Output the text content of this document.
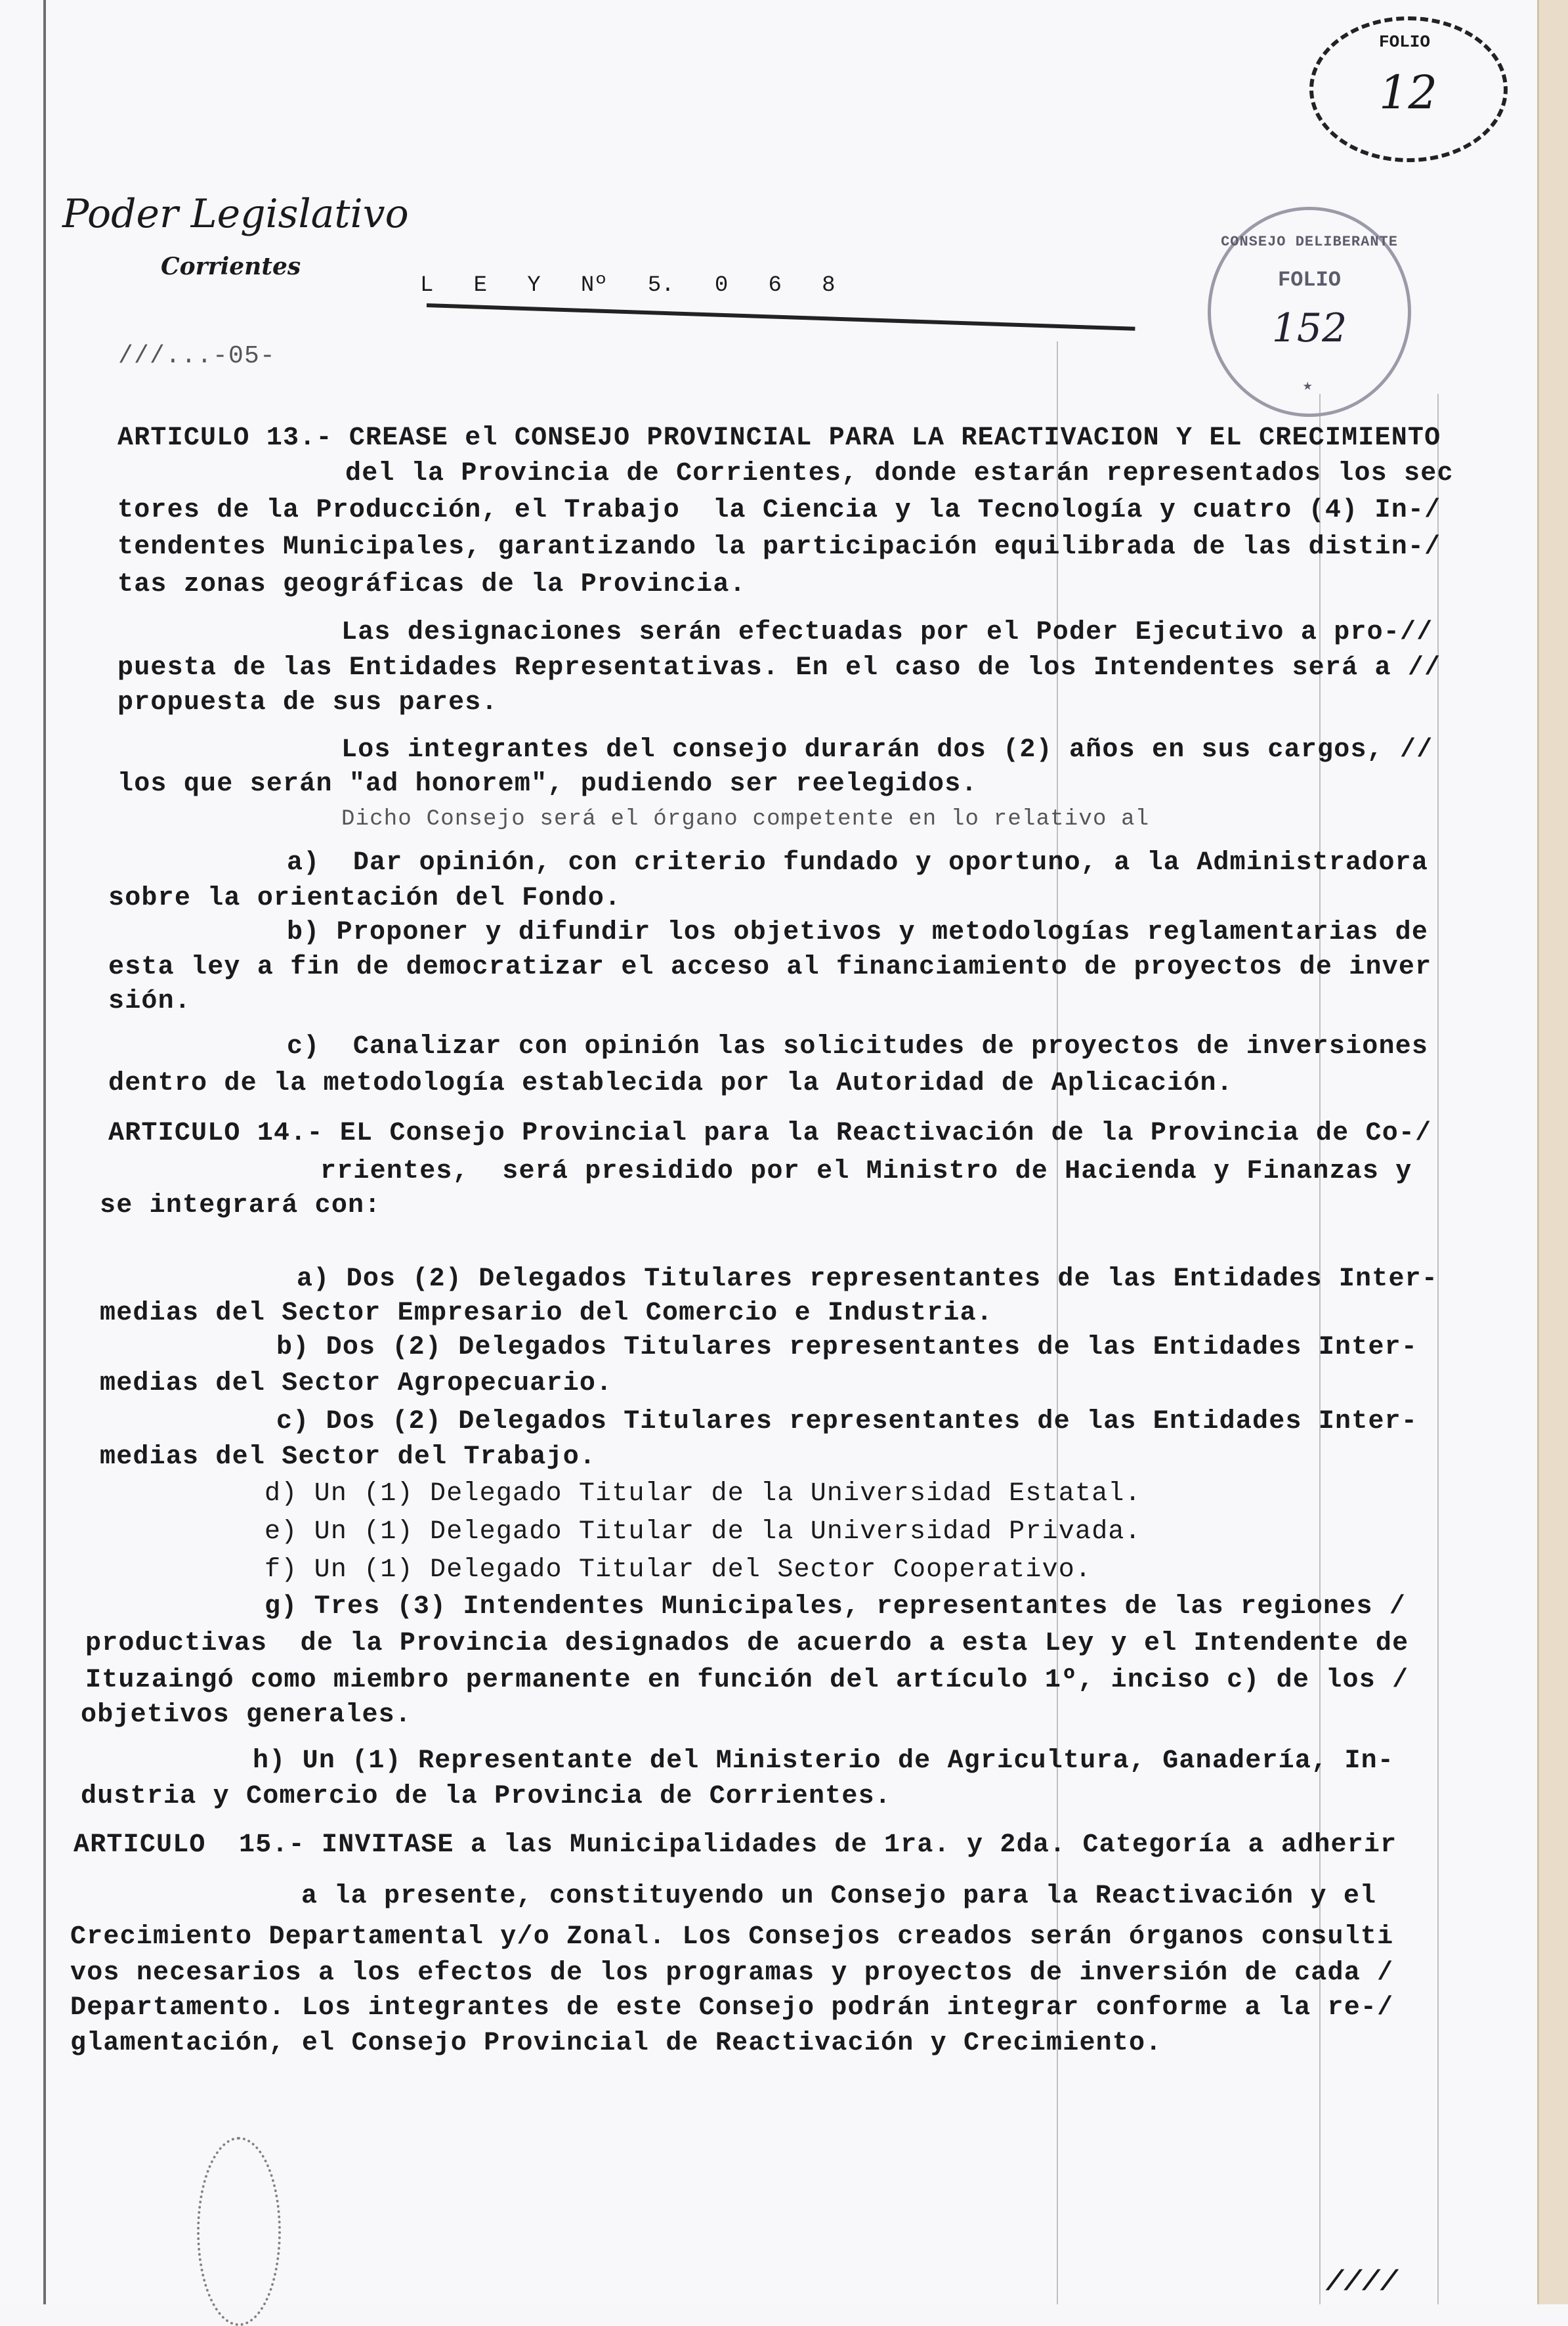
Poder Legislativo
Corrientes
L   E   Y   Nº   5.   0   6   8
///...-05-
FOLIO
12
CONSEJO DELIBERANTE
FOLIO
152
★
ARTICULO 13.- CREASE el CONSEJO PROVINCIAL PARA LA REACTIVACION Y EL CRECIMIENTO
del la Provincia de Corrientes, donde estarán representados los sec
tores de la Producción, el Trabajo  la Ciencia y la Tecnología y cuatro (4) In-/
tendentes Municipales, garantizando la participación equilibrada de las distin-/
tas zonas geográficas de la Provincia.
Las designaciones serán efectuadas por el Poder Ejecutivo a pro-//
puesta de las Entidades Representativas. En el caso de los Intendentes será a //
propuesta de sus pares.
Los integrantes del consejo durarán dos (2) años en sus cargos, //
los que serán "ad honorem", pudiendo ser reelegidos.
Dicho Consejo será el órgano competente en lo relativo al
a)  Dar opinión, con criterio fundado y oportuno, a la Administradora
sobre la orientación del Fondo.
b) Proponer y difundir los objetivos y metodologías reglamentarias de
esta ley a fin de democratizar el acceso al financiamiento de proyectos de inver
sión.
c)  Canalizar con opinión las solicitudes de proyectos de inversiones
dentro de la metodología establecida por la Autoridad de Aplicación.
ARTICULO 14.- EL Consejo Provincial para la Reactivación de la Provincia de Co-/
rrientes,  será presidido por el Ministro de Hacienda y Finanzas y
se integrará con:
a) Dos (2) Delegados Titulares representantes de las Entidades Inter-
medias del Sector Empresario del Comercio e Industria.
b) Dos (2) Delegados Titulares representantes de las Entidades Inter-
medias del Sector Agropecuario.
c) Dos (2) Delegados Titulares representantes de las Entidades Inter-
medias del Sector del Trabajo.
d) Un (1) Delegado Titular de la Universidad Estatal.
e) Un (1) Delegado Titular de la Universidad Privada.
f) Un (1) Delegado Titular del Sector Cooperativo.
g) Tres (3) Intendentes Municipales, representantes de las regiones /
productivas  de la Provincia designados de acuerdo a esta Ley y el Intendente de
Ituzaingó como miembro permanente en función del artículo 1º, inciso c) de los /
objetivos generales.
h) Un (1) Representante del Ministerio de Agricultura, Ganadería, In-
dustria y Comercio de la Provincia de Corrientes.
ARTICULO  15.- INVITASE a las Municipalidades de 1ra. y 2da. Categoría a adherir
a la presente, constituyendo un Consejo para la Reactivación y el
Crecimiento Departamental y/o Zonal. Los Consejos creados serán órganos consulti
vos necesarios a los efectos de los programas y proyectos de inversión de cada /
Departamento. Los integrantes de este Consejo podrán integrar conforme a la re-/
glamentación, el Consejo Provincial de Reactivación y Crecimiento.
////
